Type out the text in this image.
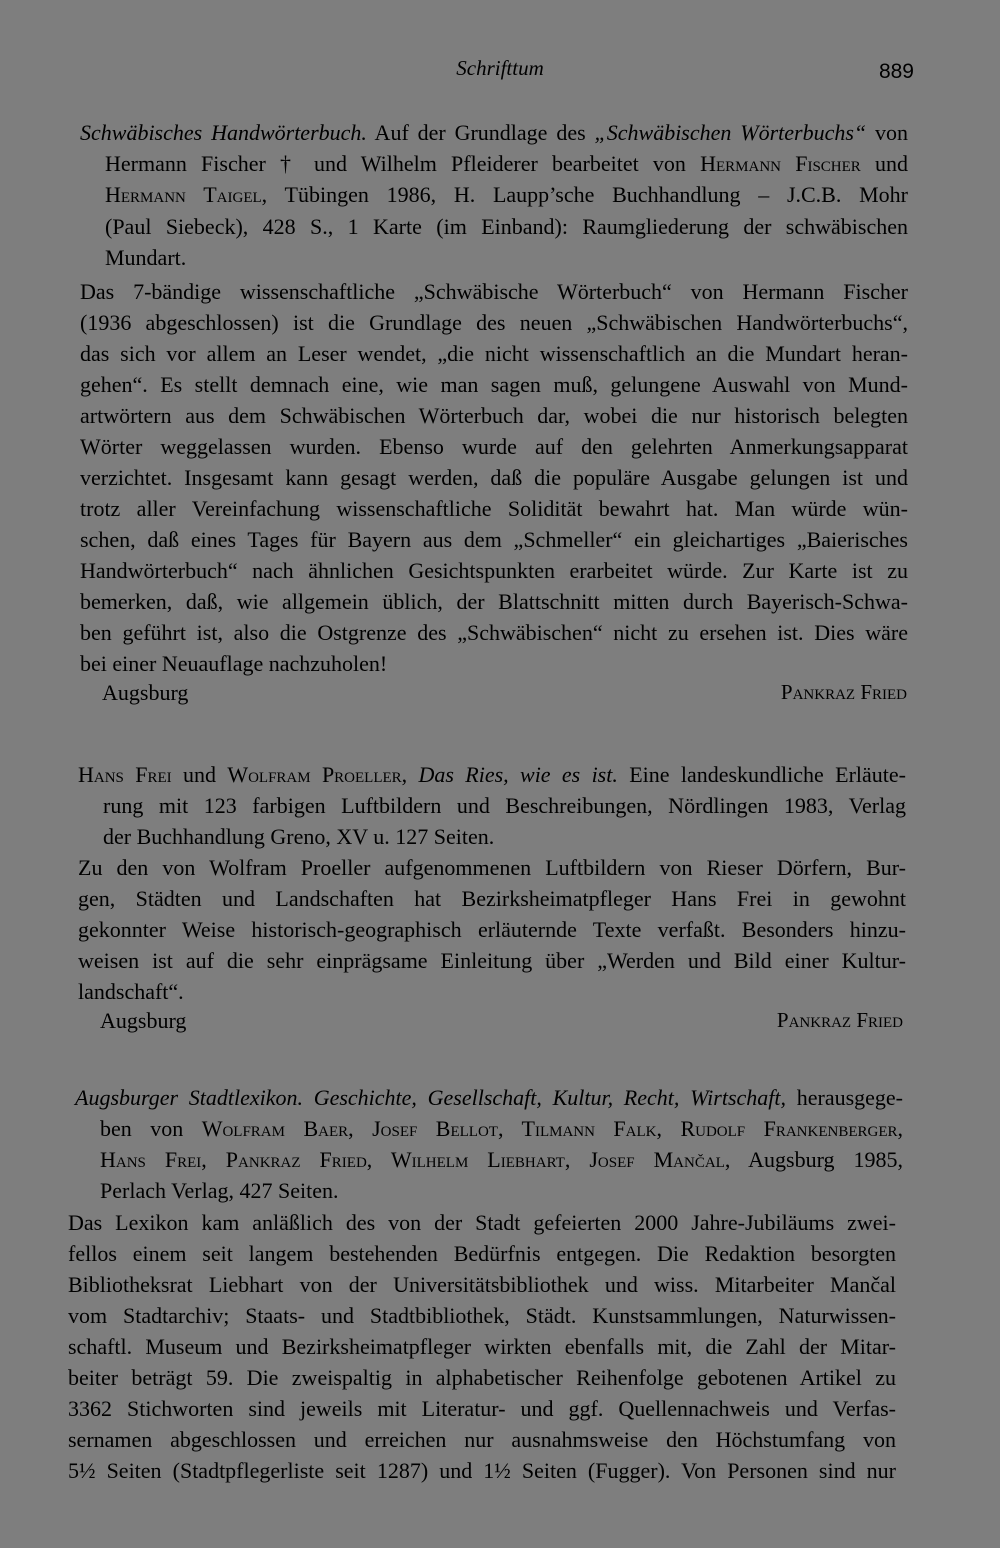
Schrifttum	889
Schwäbisches Handwörterbuch. Auf der Grundlage des „Schwäbischen Wörterbuchs“ von
Hermann Fischer † und Wilhelm Pfleiderer bearbeitet von Hermann Fischer und
Hermann Taigel, Tübingen 1986, H. Laupp’sche Buchhandlung – J.C.B. Mohr
(Paul Siebeck), 428 S., 1 Karte (im Einband): Raumgliederung der schwäbischen
Mundart.
Das 7-bändige wissenschaftliche „Schwäbische Wörterbuch“ von Hermann Fischer
(1936 abgeschlossen) ist die Grundlage des neuen „Schwäbischen Handwörterbuchs“,
das sich vor allem an Leser wendet, „die nicht wissenschaftlich an die Mundart heran-
gehen“. Es stellt demnach eine, wie man sagen muß, gelungene Auswahl von Mund-
artwörtern aus dem Schwäbischen Wörterbuch dar, wobei die nur historisch belegten
Wörter weggelassen wurden. Ebenso wurde auf den gelehrten Anmerkungsapparat
verzichtet. Insgesamt kann gesagt werden, daß die populäre Ausgabe gelungen ist und
trotz aller Vereinfachung wissenschaftliche Solidität bewahrt hat. Man würde wün-
schen, daß eines Tages für Bayern aus dem „Schmeller“ ein gleichartiges „Baierisches
Handwörterbuch“ nach ähnlichen Gesichtspunkten erarbeitet würde. Zur Karte ist zu
bemerken, daß, wie allgemein üblich, der Blattschnitt mitten durch Bayerisch-Schwa-
ben geführt ist, also die Ostgrenze des „Schwäbischen“ nicht zu ersehen ist. Dies wäre
bei einer Neuauflage nachzuholen!
Augsburg	Pankraz Fried
Hans Frei und Wolfram Proeller, Das Ries, wie es ist. Eine landeskundliche Erläute-
rung mit 123 farbigen Luftbildern und Beschreibungen, Nördlingen 1983, Verlag
der Buchhandlung Greno, XV u. 127 Seiten.
Zu den von Wolfram Proeller aufgenommenen Luftbildern von Rieser Dörfern, Bur-
gen, Städten und Landschaften hat Bezirksheimatpfleger Hans Frei in gewohnt
gekonnter Weise historisch-geographisch erläuternde Texte verfaßt. Besonders hinzu-
weisen ist auf die sehr einprägsame Einleitung über „Werden und Bild einer Kultur-
landschaft“.
Augsburg	Pankraz Fried
Augsburger Stadtlexikon. Geschichte, Gesellschaft, Kultur, Recht, Wirtschaft, herausgege-
ben von Wolfram Baer, Josef Bellot, Tilmann Falk, Rudolf Frankenberger,
Hans Frei, Pankraz Fried, Wilhelm Liebhart, Josef Mančal, Augsburg 1985,
Perlach Verlag, 427 Seiten.
Das Lexikon kam anläßlich des von der Stadt gefeierten 2000 Jahre-Jubiläums zwei-
fellos einem seit langem bestehenden Bedürfnis entgegen. Die Redaktion besorgten
Bibliotheksrat Liebhart von der Universitätsbibliothek und wiss. Mitarbeiter Mančal
vom Stadtarchiv; Staats- und Stadtbibliothek, Städt. Kunstsammlungen, Naturwissen-
schaftl. Museum und Bezirksheimatpfleger wirkten ebenfalls mit, die Zahl der Mitar-
beiter beträgt 59. Die zweispaltig in alphabetischer Reihenfolge gebotenen Artikel zu
3362 Stichworten sind jeweils mit Literatur- und ggf. Quellennachweis und Verfas-
sernamen abgeschlossen und erreichen nur ausnahmsweise den Höchstumfang von
5½ Seiten (Stadtpflegerliste seit 1287) und 1½ Seiten (Fugger). Von Personen sind nur
